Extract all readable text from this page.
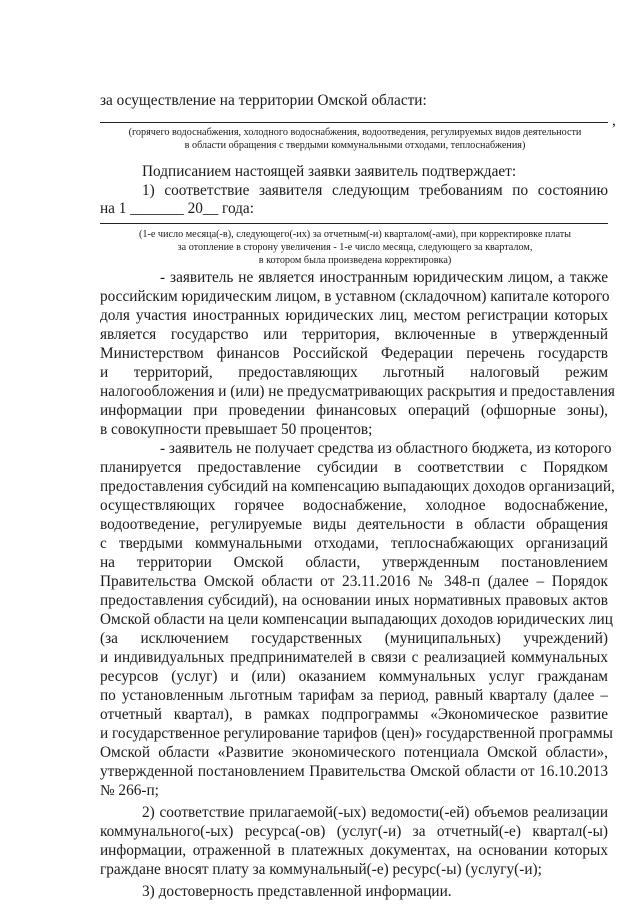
за осуществление на территории Омской области:
,
(горячего водоснабжения, холодного водоснабжения, водоотведения, регулируемых видов деятельности
в области обращения с твердыми коммунальными отходами, теплоснабжения)
Подписанием настоящей заявки заявитель подтверждает:
1) соответствие заявителя следующим требованиям по состоянию
на 1 _______ 20__ года:
(1-е число месяца(-в), следующего(-их) за отчетным(-и) кварталом(-ами), при корректировке платы
за отопление в сторону увеличения - 1-е число месяца, следующего за кварталом,
в котором была произведена корректировка)
- заявитель не является иностранным юридическим лицом, а также
российским юридическим лицом, в уставном (складочном) капитале которого
доля участия иностранных юридических лиц, местом регистрации которых
является государство или территория, включенные в утвержденный
Министерством финансов Российской Федерации перечень государств
и территорий, предоставляющих льготный налоговый режим
налогообложения и (или) не предусматривающих раскрытия и предоставления
информации при проведении финансовых операций (офшорные зоны),
в совокупности превышает 50 процентов;
- заявитель не получает средства из областного бюджета, из которого
планируется предоставление субсидии в соответствии с Порядком
предоставления субсидий на компенсацию выпадающих доходов организаций,
осуществляющих горячее водоснабжение, холодное водоснабжение,
водоотведение, регулируемые виды деятельности в области обращения
с твердыми коммунальными отходами, теплоснабжающих организаций
на территории Омской области, утвержденным постановлением
Правительства Омской области от 23.11.2016 № 348-п (далее – Порядок
предоставления субсидий), на основании иных нормативных правовых актов
Омской области на цели компенсации выпадающих доходов юридических лиц
(за исключением государственных (муниципальных) учреждений)
и индивидуальных предпринимателей в связи с реализацией коммунальных
ресурсов (услуг) и (или) оказанием коммунальных услуг гражданам
по установленным льготным тарифам за период, равный кварталу (далее –
отчетный квартал), в рамках подпрограммы «Экономическое развитие
и государственное регулирование тарифов (цен)» государственной программы
Омской области «Развитие экономического потенциала Омской области»,
утвержденной постановлением Правительства Омской области от 16.10.2013
№ 266-п;
2) соответствие прилагаемой(-ых) ведомости(-ей) объемов реализации
коммунального(-ых) ресурса(-ов) (услуг(-и) за отчетный(-е) квартал(-ы)
информации, отраженной в платежных документах, на основании которых
граждане вносят плату за коммунальный(-е) ресурс(-ы) (услугу(-и);
3) достоверность представленной информации.
